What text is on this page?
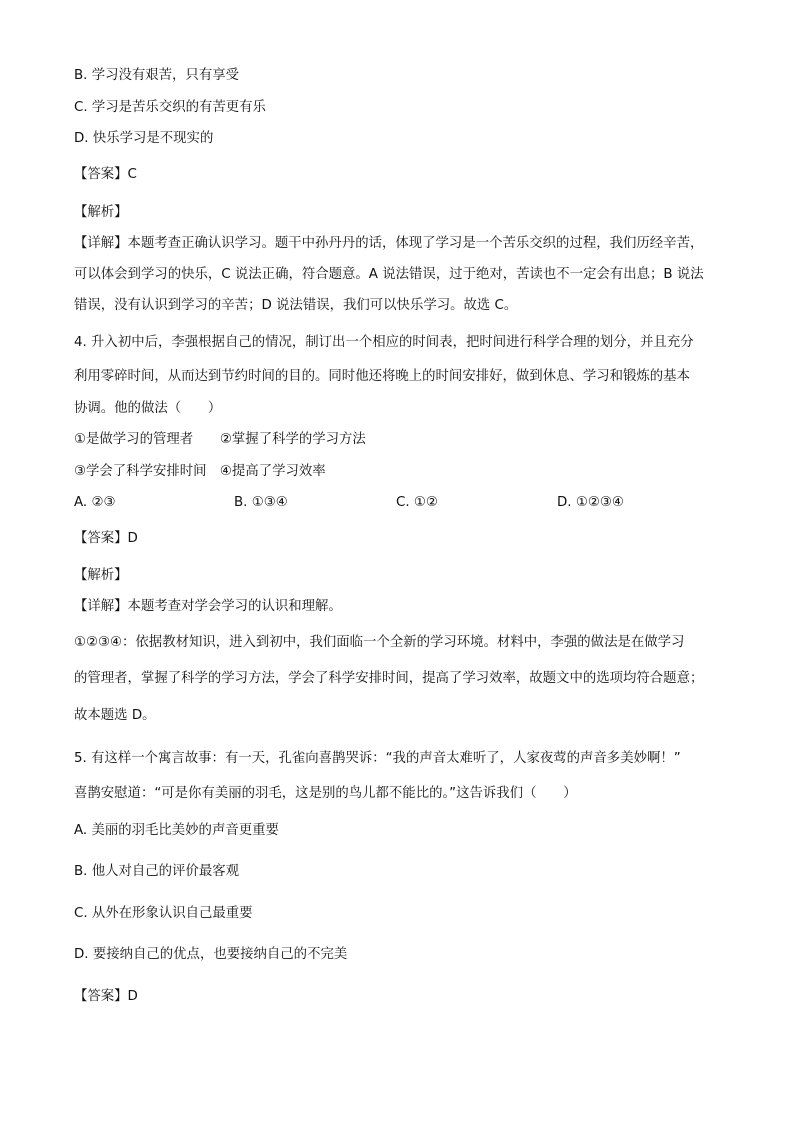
B. 学习没有艰苦，只有享受
C. 学习是苦乐交织的有苦更有乐
D. 快乐学习是不现实的
【答案】C
【解析】
【详解】本题考查正确认识学习。题干中孙丹丹的话，体现了学习是一个苦乐交织的过程，我们历经辛苦，
可以体会到学习的快乐，C 说法正确，符合题意。A 说法错误，过于绝对，苦读也不一定会有出息；B 说法
错误，没有认识到学习的辛苦；D 说法错误，我们可以快乐学习。故选 C。
4. 升入初中后，李强根据自己的情况，制订出一个相应的时间表，把时间进行科学合理的划分，并且充分
利用零碎时间，从而达到节约时间的目的。同时他还将晚上的时间安排好，做到休息、学习和锻炼的基本
协调。他的做法（　　）
①是做学习的管理者　　②掌握了科学的学习方法
③学会了科学安排时间　④提高了学习效率
A. ②③	B. ①③④	C. ①②	D. ①②③④
【答案】D
【解析】
【详解】本题考查对学会学习的认识和理解。
①②③④：依据教材知识，进入到初中，我们面临一个全新的学习环境。材料中，李强的做法是在做学习
的管理者，掌握了科学的学习方法，学会了科学安排时间，提高了学习效率，故题文中的选项均符合题意；
故本题选 D。
5. 有这样一个寓言故事：有一天，孔雀向喜鹊哭诉：“我的声音太难听了，人家夜莺的声音多美妙啊！”
喜鹊安慰道：“可是你有美丽的羽毛，这是别的鸟儿都不能比的。”这告诉我们（　　）
A. 美丽的羽毛比美妙的声音更重要
B. 他人对自己的评价最客观
C. 从外在形象认识自己最重要
D. 要接纳自己的优点，也要接纳自己的不完美
【答案】D
